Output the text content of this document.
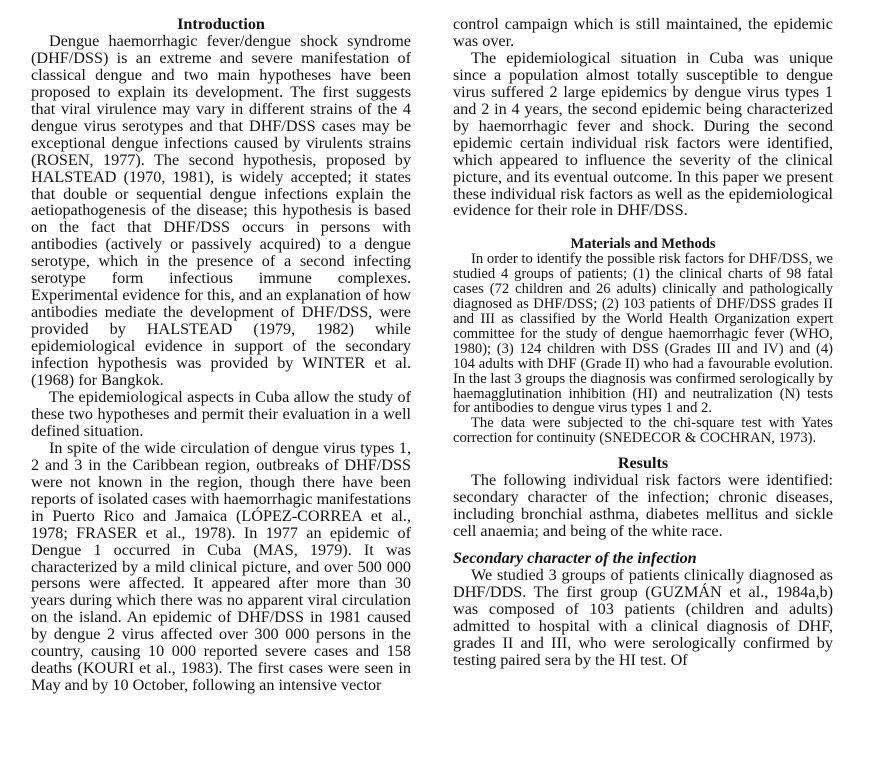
Introduction

Dengue haemorrhagic fever/dengue shock syndrome (DHF/DSS) is an extreme and severe manifestation of classical dengue and two main hypotheses have been proposed to explain its development. The first suggests that viral virulence may vary in different strains of the 4 dengue virus serotypes and that DHF/DSS cases may be exceptional dengue infections caused by virulents strains (ROSEN, 1977). The second hypothesis, proposed by HALSTEAD (1970, 1981), is widely accepted; it states that double or sequential dengue infections explain the aetiopathogenesis of the disease; this hypothesis is based on the fact that DHF/DSS occurs in persons with antibodies (actively or passively acquired) to a dengue serotype, which in the presence of a second infecting serotype form infectious immune complexes. Experimental evidence for this, and an explanation of how antibodies mediate the development of DHF/DSS, were provided by HALSTEAD (1979, 1982) while epidemiological evidence in support of the secondary infection hypothesis was provided by WINTER et al. (1968) for Bangkok.

The epidemiological aspects in Cuba allow the study of these two hypotheses and permit their evaluation in a well defined situation.

In spite of the wide circulation of dengue virus types 1, 2 and 3 in the Caribbean region, outbreaks of DHF/DSS were not known in the region, though there have been reports of isolated cases with haemorrhagic manifestations in Puerto Rico and Jamaica (LÓPEZ-CORREA et al., 1978; FRASER et al., 1978). In 1977 an epidemic of Dengue 1 occurred in Cuba (MAS, 1979). It was characterized by a mild clinical picture, and over 500 000 persons were affected. It appeared after more than 30 years during which there was no apparent viral circulation on the island. An epidemic of DHF/DSS in 1981 caused by dengue 2 virus affected over 300 000 persons in the country, causing 10 000 reported severe cases and 158 deaths (KOURI et al., 1983). The first cases were seen in May and by 10 October, following an intensive vector

control campaign which is still maintained, the epidemic was over.

The epidemiological situation in Cuba was unique since a population almost totally susceptible to dengue virus suffered 2 large epidemics by dengue virus types 1 and 2 in 4 years, the second epidemic being characterized by haemorrhagic fever and shock. During the second epidemic certain individual risk factors were identified, which appeared to influence the severity of the clinical picture, and its eventual outcome. In this paper we present these individual risk factors as well as the epidemiological evidence for their role in DHF/DSS.

Materials and Methods

In order to identify the possible risk factors for DHF/DSS, we studied 4 groups of patients; (1) the clinical charts of 98 fatal cases (72 children and 26 adults) clinically and pathologically diagnosed as DHF/DSS; (2) 103 patients of DHF/DSS grades II and III as classified by the World Health Organization expert committee for the study of dengue haemorrhagic fever (WHO, 1980); (3) 124 children with DSS (Grades III and IV) and (4) 104 adults with DHF (Grade II) who had a favourable evolution. In the last 3 groups the diagnosis was confirmed serologically by haemagglutination inhibition (HI) and neutralization (N) tests for antibodies to dengue virus types 1 and 2.

The data were subjected to the chi-square test with Yates correction for continuity (SNEDECOR & COCHRAN, 1973).

Results

The following individual risk factors were identified: secondary character of the infection; chronic diseases, including bronchial asthma, diabetes mellitus and sickle cell anaemia; and being of the white race.

Secondary character of the infection

We studied 3 groups of patients clinically diagnosed as DHF/DDS. The first group (GUZMÁN et al., 1984a,b) was composed of 103 patients (children and adults) admitted to hospital with a clinical diagnosis of DHF, grades II and III, who were serologically confirmed by testing paired sera by the HI test. Of
